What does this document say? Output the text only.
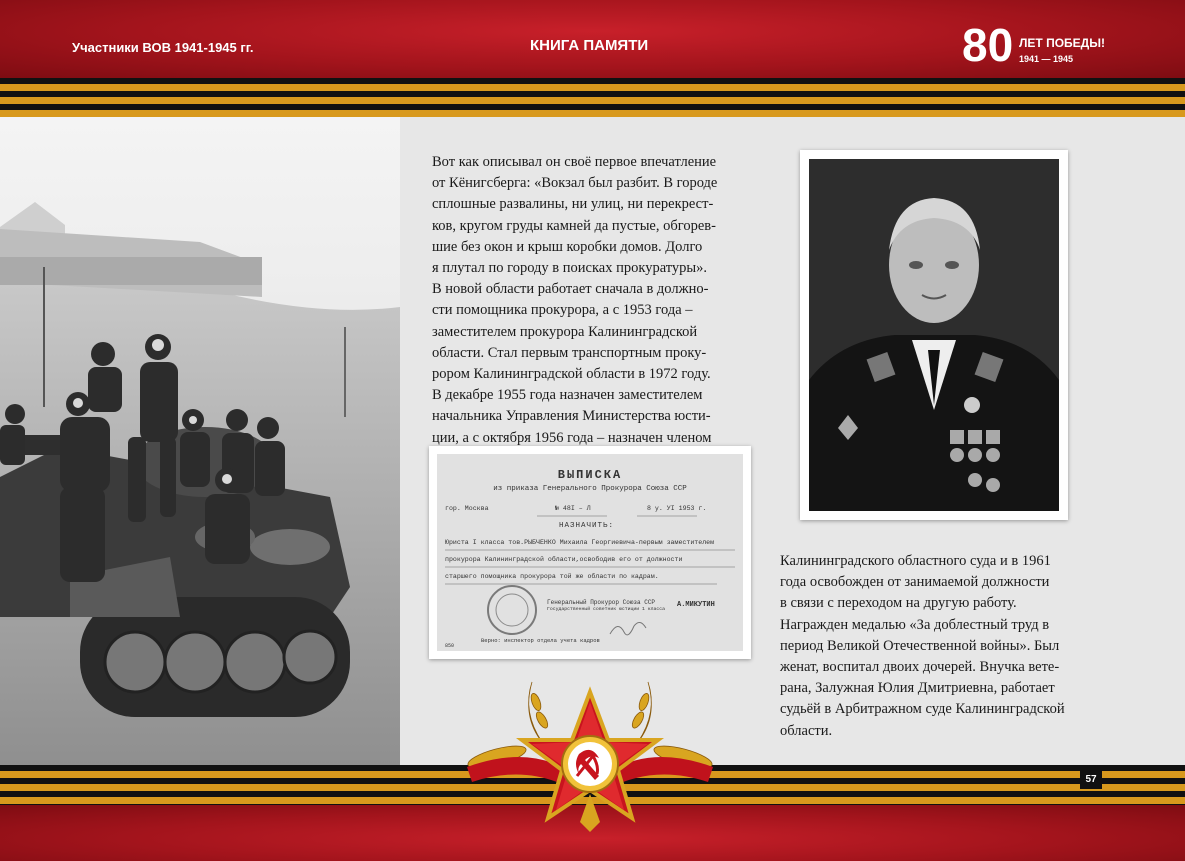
Участники ВОВ 1941-1945 гг.	КНИГА ПАМЯТИ	80 ЛЕТ ПОБЕДЫ!
1941 — 1945
Вот как описывал он своё первое впечатление
от Кёнигсберга: «Вокзал был разбит. В городе
сплошные развалины, ни улиц, ни перекрест-
ков, кругом груды камней да пустые, обгорев-
шие без окон и крыш коробки домов. Долго
я плутал по городу в поисках прокуратуры».
В новой области работает сначала в должно-
сти помощника прокурора, а с 1953 года –
заместителем прокурора Калининградской
области. Стал первым транспортным проку-
рором Калининградской области в 1972 году.
В декабре 1955 года назначен заместителем
начальника Управления Министерства юсти-
ции, а с октября 1956 года – назначен членом
ВЫПИСКА
из приказа Генерального Прокурора Союза ССР
гор. Москва	№ 48I – Л	8 у. УI 1953 г.
НАЗНАЧИТЬ:
Юриста I класса тов.РЫБЧЕНКО Михаила Георгиевича-первым заместителем
прокурора Калининградской области,освободив его от должности
старшего помощника прокурора той же области по кадрам.
Генеральный Прокурор Союза ССР
Государственный советник юстиции 1 класса
А.МИКУТИН
Верно: инспектор отдела учета кадров
850
Калининградского областного суда и в 1961
года освобожден от занимаемой должности
в связи с переходом на другую работу.
Награжден медалью «За доблестный труд в
период Великой Отечественной войны». Был
женат, воспитал двоих дочерей. Внучка вете-
рана, Залужная Юлия Дмитриевна, работает
судьёй в Арбитражном суде Калининградской
области.
57
